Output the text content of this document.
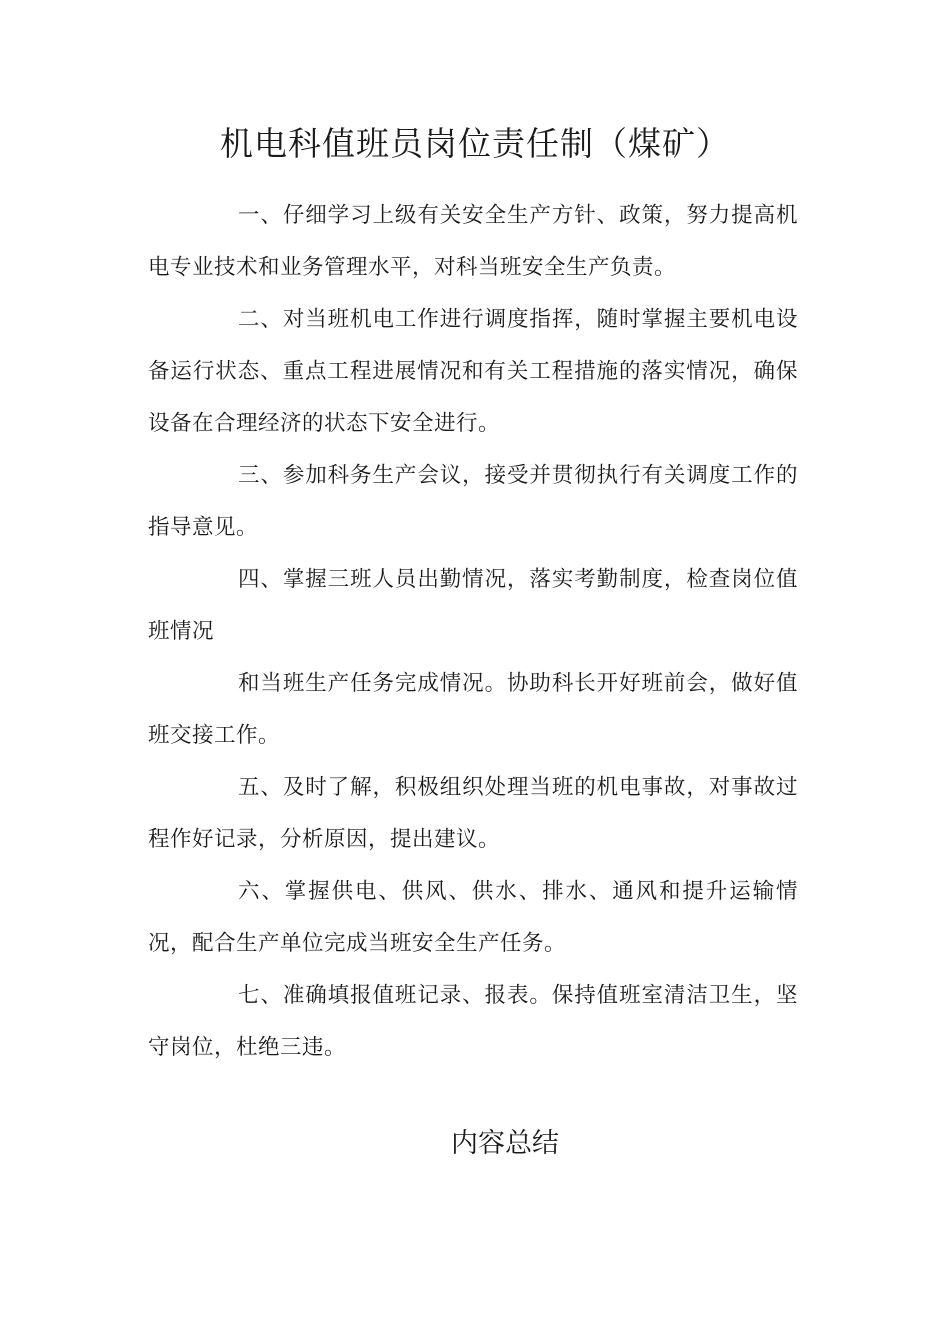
机电科值班员岗位责任制（煤矿）

一、仔细学习上级有关安全生产方针、政策，努力提高机电专业技术和业务管理水平，对科当班安全生产负责。

二、对当班机电工作进行调度指挥，随时掌握主要机电设备运行状态、重点工程进展情况和有关工程措施的落实情况，确保设备在合理经济的状态下安全进行。

三、参加科务生产会议，接受并贯彻执行有关调度工作的指导意见。

四、掌握三班人员出勤情况，落实考勤制度，检查岗位值班情况

和当班生产任务完成情况。协助科长开好班前会，做好值班交接工作。

五、及时了解，积极组织处理当班的机电事故，对事故过程作好记录，分析原因，提出建议。

六、掌握供电、供风、供水、排水、通风和提升运输情况，配合生产单位完成当班安全生产任务。

七、准确填报值班记录、报表。保持值班室清洁卫生，坚守岗位，杜绝三违。

内容总结
